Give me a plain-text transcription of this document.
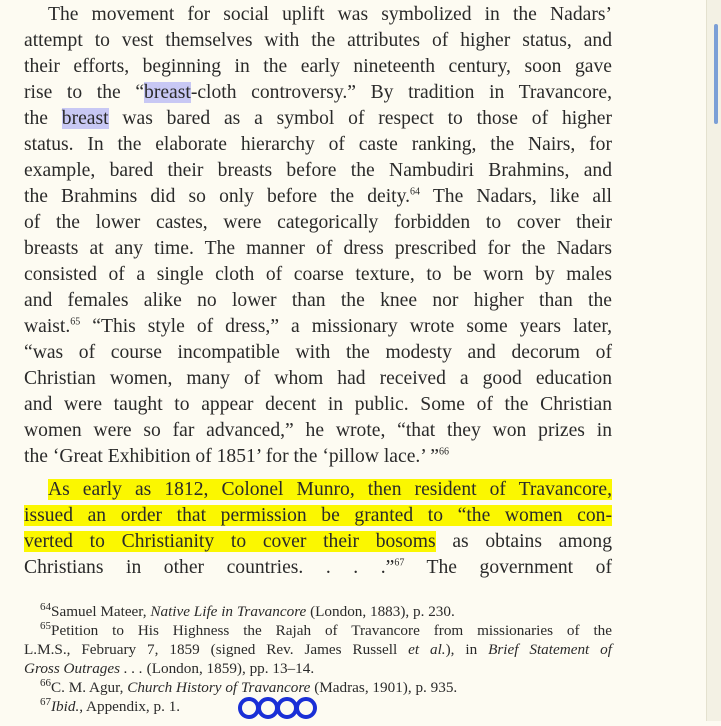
The movement for social uplift was symbolized in the Nadars’
attempt to vest themselves with the attributes of higher status, and
their efforts, beginning in the early nineteenth century, soon gave
rise to the “breast-cloth controversy.” By tradition in Travancore,
the breast was bared as a symbol of respect to those of higher
status. In the elaborate hierarchy of caste ranking, the Nairs, for
example, bared their breasts before the Nambudiri Brahmins, and
the Brahmins did so only before the deity.$^{64}$ The Nadars, like all
of the lower castes, were categorically forbidden to cover their
breasts at any time. The manner of dress prescribed for the Nadars
consisted of a single cloth of coarse texture, to be worn by males
and females alike no lower than the knee nor higher than the
waist.$^{65}$ “This style of dress,” a missionary wrote some years later,
“was of course incompatible with the modesty and decorum of
Christian women, many of whom had received a good education
and were taught to appear decent in public. Some of the Christian
women were so far advanced,” he wrote, “that they won prizes in
the ‘Great Exhibition of 1851’ for the ‘pillow lace.’ ”$^{66}$
As early as 1812, Colonel Munro, then resident of Travancore,
issued an order that permission be granted to “the women con-
verted to Christianity to cover their bosoms as obtains among
Christians in other countries. . . .”$^{67}$ The government of
$^{64}$Samuel Mateer, Native Life in Travancore (London, 1883), p. 230.
$^{65}$Petition to His Highness the Rajah of Travancore from missionaries of the
L.M.S., February 7, 1859 (signed Rev. James Russell et al.), in Brief Statement of
Gross Outrages . . . (London, 1859), pp. 13–14.
$^{66}$C. M. Agur, Church History of Travancore (Madras, 1901), p. 935.
$^{67}$Ibid., Appendix, p. 1.
